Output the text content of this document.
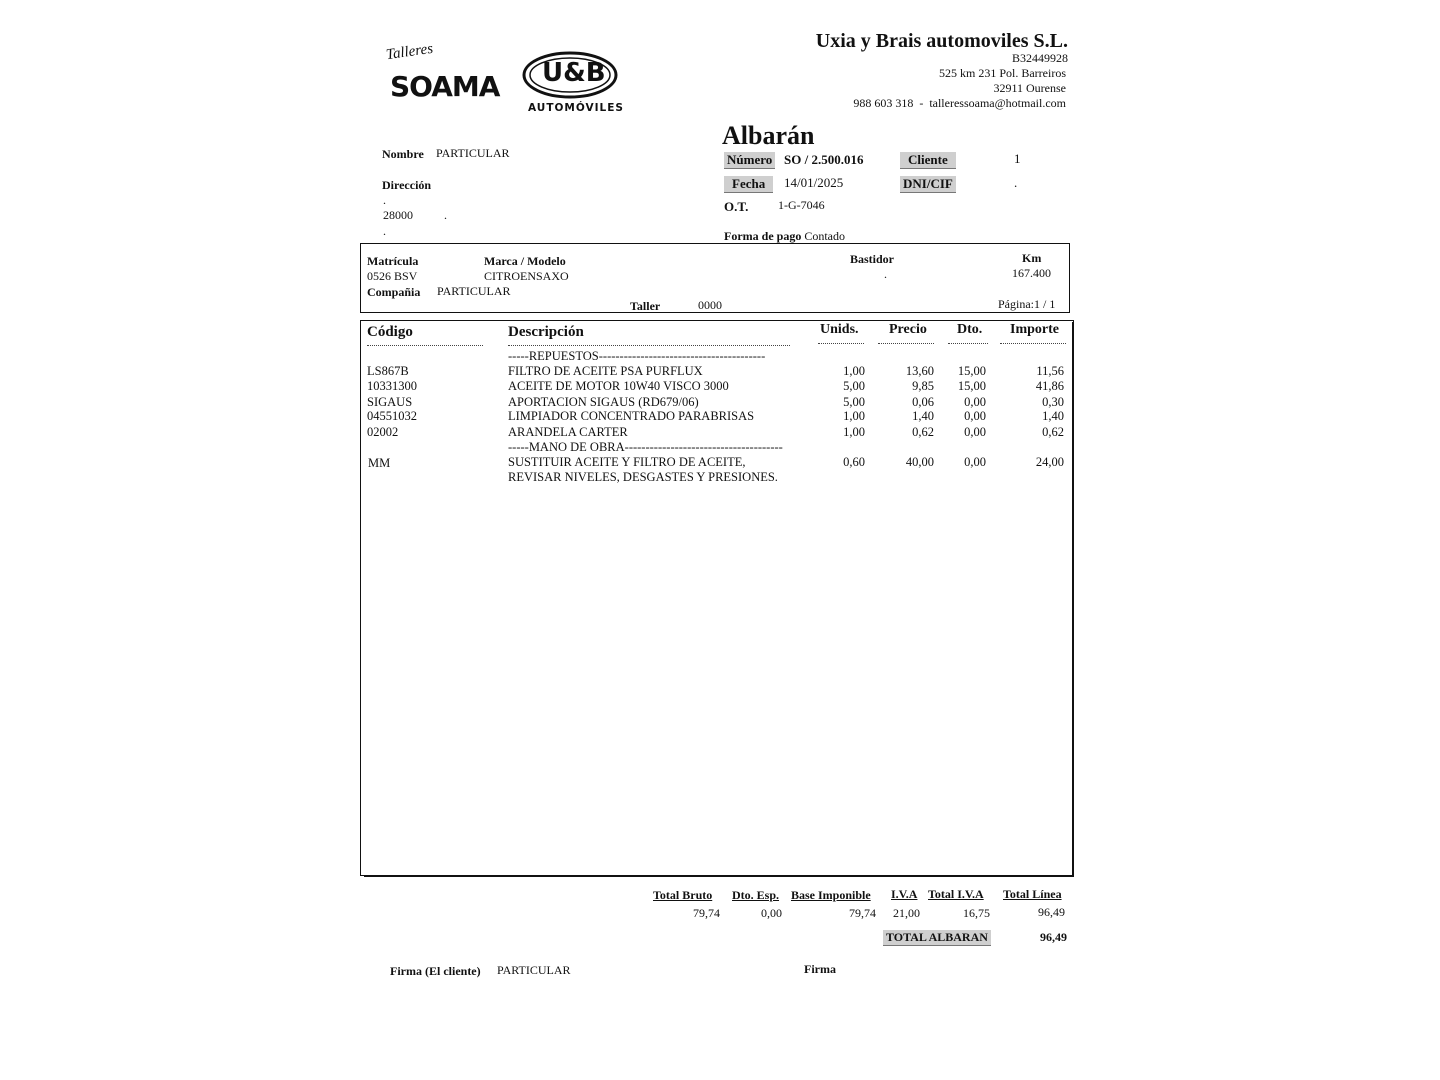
Talleres
SOAMA U&B
AUTOMÓVILES
Uxia y Brais automoviles S.L.
B32449928
525 km 231 Pol. Barreiros
32911 Ourense
988 603 318 - talleressoama@hotmail.com
Albarán
Número SO / 2.500.016
Fecha	14/01/2025
O.T. 1-G-7046
Cliente	1
DNI/CIF	.
Forma de pago Contado
Nombre PARTICULAR
Dirección
.
28000	.
.
Matrícula
0526 BSV
Marca / Modelo
CITROENSAXO
Bastidor
.
Km
167.400
Compañia PARTICULAR
Taller	0000	Página:1 / 1
Código	Descripción	Unids. Precio Dto. Importe
-----REPUESTOS----------------------------------------
LS867B	FILTRO DE ACEITE PSA PURFLUX	1,00	13,60 15,00	11,56
10331300	ACEITE DE MOTOR 10W40 VISCO 3000	5,00	9,85 15,00	41,86
SIGAUS	APORTACION SIGAUS (RD679/06)	5,00	0,06 0,00	0,30
04551032	LIMPIADOR CONCENTRADO PARABRISAS	1,00	1,40 0,00	1,40
02002	ARANDELA CARTER	1,00	0,62 0,00	0,62
-----MANO DE OBRA--------------------------------------
MM	SUSTITUIR ACEITE Y FILTRO DE ACEITE,
REVISAR NIVELES, DESGASTES Y PRESIONES.
0,60	40,00 0,00	24,00
Total Bruto Dto. Esp. Base Imponible I.V.A Total I.V.A Total Línea
79,74	0,00	79,74 21,00	16,75	96,49
TOTAL ALBARAN	96,49
Firma (El cliente) PARTICULAR	Firma
